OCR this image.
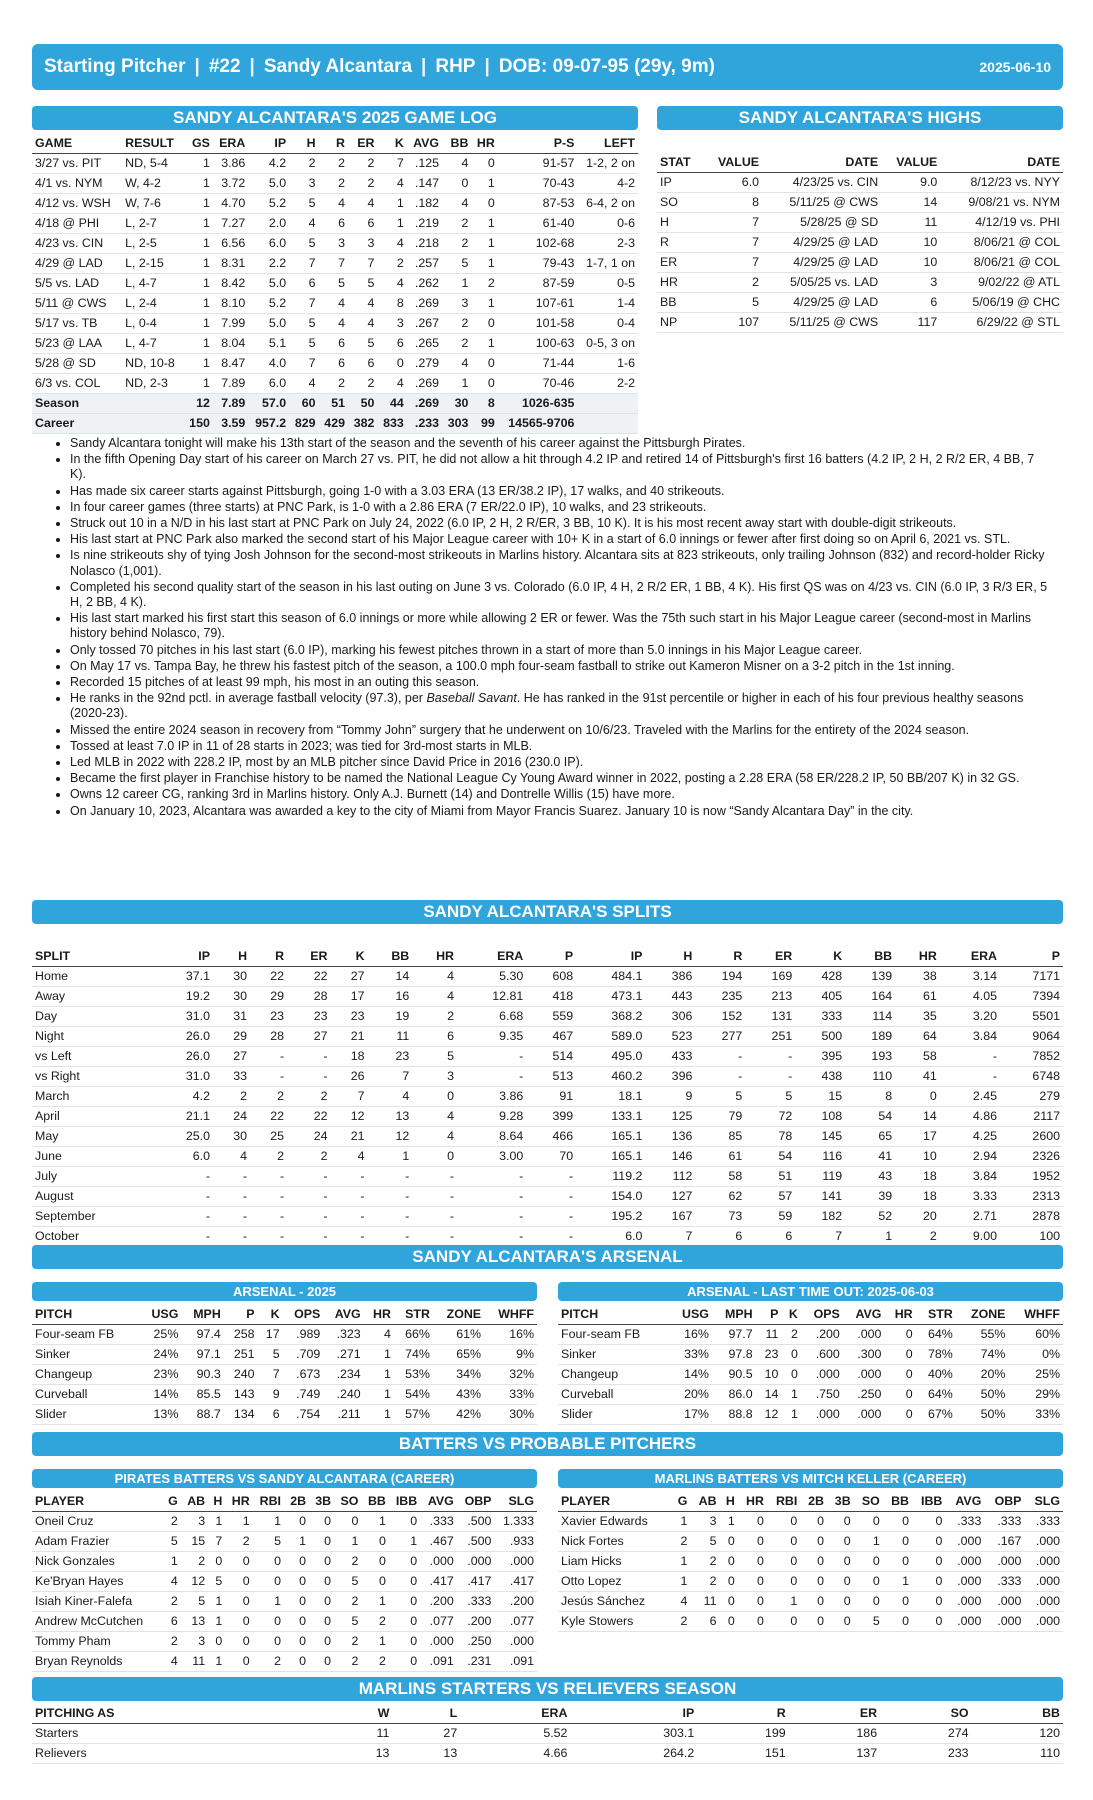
Starting Pitcher | #22 | Sandy Alcantara | RHP | DOB: 09-07-95 (29y, 9m)	2025-06-10
SANDY ALCANTARA'S 2025 GAME LOG
GAME	RESULT	GS	ERA	IP	H	R	ER	K	AVG	BB	HR	P-S	LEFT
3/27 vs. PIT	ND, 5-4	1	3.86	4.2	2	2	2	7	.125	4	0	91-57	1-2, 2 on
4/1 vs. NYM	W, 4-2	1	3.72	5.0	3	2	2	4	.147	0	1	70-43	4-2
4/12 vs. WSH	W, 7-6	1	4.70	5.2	5	4	4	1	.182	4	0	87-53	6-4, 2 on
4/18 @ PHI	L, 2-7	1	7.27	2.0	4	6	6	1	.219	2	1	61-40	0-6
4/23 vs. CIN	L, 2-5	1	6.56	6.0	5	3	3	4	.218	2	1	102-68	2-3
4/29 @ LAD	L, 2-15	1	8.31	2.2	7	7	7	2	.257	5	1	79-43	1-7, 1 on
5/5 vs. LAD	L, 4-7	1	8.42	5.0	6	5	5	4	.262	1	2	87-59	0-5
5/11 @ CWS	L, 2-4	1	8.10	5.2	7	4	4	8	.269	3	1	107-61	1-4
5/17 vs. TB	L, 0-4	1	7.99	5.0	5	4	4	3	.267	2	0	101-58	0-4
5/23 @ LAA	L, 4-7	1	8.04	5.1	5	6	5	6	.265	2	1	100-63	0-5, 3 on
5/28 @ SD	ND, 10-8	1	8.47	4.0	7	6	6	0	.279	4	0	71-44	1-6
6/3 vs. COL	ND, 2-3	1	7.89	6.0	4	2	2	4	.269	1	0	70-46	2-2
Season		12	7.89	57.0	60	51	50	44	.269	30	8	1026-635	
Career		150	3.59	957.2	829	429	382	833	.233	303	99	14565-9706	
SANDY ALCANTARA'S HIGHS

STAT	VALUE	DATE	VALUE	DATE
IP	6.0	4/23/25 vs. CIN	9.0	8/12/23 vs. NYY
SO	8	5/11/25 @ CWS	14	9/08/21 vs. NYM
H	7	5/28/25 @ SD	11	4/12/19 vs. PHI
R	7	4/29/25 @ LAD	10	8/06/21 @ COL
ER	7	4/29/25 @ LAD	10	8/06/21 @ COL
HR	2	5/05/25 vs. LAD	3	9/02/22 @ ATL
BB	5	4/29/25 @ LAD	6	5/06/19 @ CHC
NP	107	5/11/25 @ CWS	117	6/29/22 @ STL
• Sandy Alcantara tonight will make his 13th start of the season and the seventh of his career against the Pittsburgh Pirates.
• In the fifth Opening Day start of his career on March 27 vs. PIT, he did not allow a hit through 4.2 IP and retired 14 of Pittsburgh's first 16 batters (4.2 IP, 2 H, 2 R/2 ER, 4 BB, 7 K).
• Has made six career starts against Pittsburgh, going 1-0 with a 3.03 ERA (13 ER/38.2 IP), 17 walks, and 40 strikeouts.
• In four career games (three starts) at PNC Park, is 1-0 with a 2.86 ERA (7 ER/22.0 IP), 10 walks, and 23 strikeouts.
• Struck out 10 in a N/D in his last start at PNC Park on July 24, 2022 (6.0 IP, 2 H, 2 R/ER, 3 BB, 10 K). It is his most recent away start with double-digit strikeouts.
• His last start at PNC Park also marked the second start of his Major League career with 10+ K in a start of 6.0 innings or fewer after first doing so on April 6, 2021 vs. STL.
• Is nine strikeouts shy of tying Josh Johnson for the second-most strikeouts in Marlins history. Alcantara sits at 823 strikeouts, only trailing Johnson (832) and record-holder Ricky Nolasco (1,001).
• Completed his second quality start of the season in his last outing on June 3 vs. Colorado (6.0 IP, 4 H, 2 R/2 ER, 1 BB, 4 K). His first QS was on 4/23 vs. CIN (6.0 IP, 3 R/3 ER, 5 H, 2 BB, 4 K).
• His last start marked his first start this season of 6.0 innings or more while allowing 2 ER or fewer. Was the 75th such start in his Major League career (second-most in Marlins history behind Nolasco, 79).
• Only tossed 70 pitches in his last start (6.0 IP), marking his fewest pitches thrown in a start of more than 5.0 innings in his Major League career.
• On May 17 vs. Tampa Bay, he threw his fastest pitch of the season, a 100.0 mph four-seam fastball to strike out Kameron Misner on a 3-2 pitch in the 1st inning.
• Recorded 15 pitches of at least 99 mph, his most in an outing this season.
• He ranks in the 92nd pctl. in average fastball velocity (97.3), per Baseball Savant. He has ranked in the 91st percentile or higher in each of his four previous healthy seasons (2020-23).
• Missed the entire 2024 season in recovery from “Tommy John” surgery that he underwent on 10/6/23. Traveled with the Marlins for the entirety of the 2024 season.
• Tossed at least 7.0 IP in 11 of 28 starts in 2023; was tied for 3rd-most starts in MLB.
• Led MLB in 2022 with 228.2 IP, most by an MLB pitcher since David Price in 2016 (230.0 IP).
• Became the first player in Franchise history to be named the National League Cy Young Award winner in 2022, posting a 2.28 ERA (58 ER/228.2 IP, 50 BB/207 K) in 32 GS.
• Owns 12 career CG, ranking 3rd in Marlins history. Only A.J. Burnett (14) and Dontrelle Willis (15) have more.
• On January 10, 2023, Alcantara was awarded a key to the city of Miami from Mayor Francis Suarez. January 10 is now “Sandy Alcantara Day” in the city.
SANDY ALCANTARA'S SPLITS

SPLIT	IP	H	R	ER	K	BB	HR	ERA	P	IP	H	R	ER	K	BB	HR	ERA	P
Home	37.1	30	22	22	27	14	4	5.30	608	484.1	386	194	169	428	139	38	3.14	7171
Away	19.2	30	29	28	17	16	4	12.81	418	473.1	443	235	213	405	164	61	4.05	7394
Day	31.0	31	23	23	23	19	2	6.68	559	368.2	306	152	131	333	114	35	3.20	5501
Night	26.0	29	28	27	21	11	6	9.35	467	589.0	523	277	251	500	189	64	3.84	9064
vs Left	26.0	27	-	-	18	23	5	-	514	495.0	433	-	-	395	193	58	-	7852
vs Right	31.0	33	-	-	26	7	3	-	513	460.2	396	-	-	438	110	41	-	6748
March	4.2	2	2	2	7	4	0	3.86	91	18.1	9	5	5	15	8	0	2.45	279
April	21.1	24	22	22	12	13	4	9.28	399	133.1	125	79	72	108	54	14	4.86	2117
May	25.0	30	25	24	21	12	4	8.64	466	165.1	136	85	78	145	65	17	4.25	2600
June	6.0	4	2	2	4	1	0	3.00	70	165.1	146	61	54	116	41	10	2.94	2326
July	-	-	-	-	-	-	-	-	-	119.2	112	58	51	119	43	18	3.84	1952
August	-	-	-	-	-	-	-	-	-	154.0	127	62	57	141	39	18	3.33	2313
September	-	-	-	-	-	-	-	-	-	195.2	167	73	59	182	52	20	2.71	2878
October	-	-	-	-	-	-	-	-	-	6.0	7	6	6	7	1	2	9.00	100
SANDY ALCANTARA'S ARSENAL
ARSENAL - 2025	ARSENAL - LAST TIME OUT: 2025-06-03
PITCH	USG	MPH	P	K	OPS	AVG	HR	STR	ZONE	WHFF
Four-seam FB	25%	97.4	258	17	.989	.323	4	66%	61%	16%
Sinker	24%	97.1	251	5	.709	.271	1	74%	65%	9%
Changeup	23%	90.3	240	7	.673	.234	1	53%	34%	32%
Curveball	14%	85.5	143	9	.749	.240	1	54%	43%	33%
Slider	13%	88.7	134	6	.754	.211	1	57%	42%	30%
PITCH	USG	MPH	P	K	OPS	AVG	HR	STR	ZONE	WHFF
Four-seam FB	16%	97.7	11	2	.200	.000	0	64%	55%	60%
Sinker	33%	97.8	23	0	.600	.300	0	78%	74%	0%
Changeup	14%	90.5	10	0	.000	.000	0	40%	20%	25%
Curveball	20%	86.0	14	1	.750	.250	0	64%	50%	29%
Slider	17%	88.8	12	1	.000	.000	0	67%	50%	33%
BATTERS VS PROBABLE PITCHERS
PIRATES BATTERS VS SANDY ALCANTARA (CAREER)	MARLINS BATTERS VS MITCH KELLER (CAREER)
PLAYER	G	AB	H	HR	RBI	2B	3B	SO	BB	IBB	AVG	OBP	SLG
Oneil Cruz	2	3	1	1	1	0	0	0	1	0	.333	.500	1.333
Adam Frazier	5	15	7	2	5	1	0	1	0	1	.467	.500	.933
Nick Gonzales	1	2	0	0	0	0	0	2	0	0	.000	.000	.000
Ke'Bryan Hayes	4	12	5	0	0	0	0	5	0	0	.417	.417	.417
Isiah Kiner-Falefa	2	5	1	0	1	0	0	2	1	0	.200	.333	.200
Andrew McCutchen	6	13	1	0	0	0	0	5	2	0	.077	.200	.077
Tommy Pham	2	3	0	0	0	0	0	2	1	0	.000	.250	.000
Bryan Reynolds	4	11	1	0	2	0	0	2	2	0	.091	.231	.091
PLAYER	G	AB	H	HR	RBI	2B	3B	SO	BB	IBB	AVG	OBP	SLG
Xavier Edwards	1	3	1	0	0	0	0	0	0	0	.333	.333	.333
Nick Fortes	2	5	0	0	0	0	0	1	0	0	.000	.167	.000
Liam Hicks	1	2	0	0	0	0	0	0	0	0	.000	.000	.000
Otto Lopez	1	2	0	0	0	0	0	0	1	0	.000	.333	.000
Jesús Sánchez	4	11	0	0	1	0	0	0	0	0	.000	.000	.000
Kyle Stowers	2	6	0	0	0	0	0	5	0	0	.000	.000	.000
MARLINS STARTERS VS RELIEVERS SEASON
PITCHING AS	W	L	ERA	IP	R	ER	SO	BB
Starters	11	27	5.52	303.1	199	186	274	120
Relievers	13	13	4.66	264.2	151	137	233	110
